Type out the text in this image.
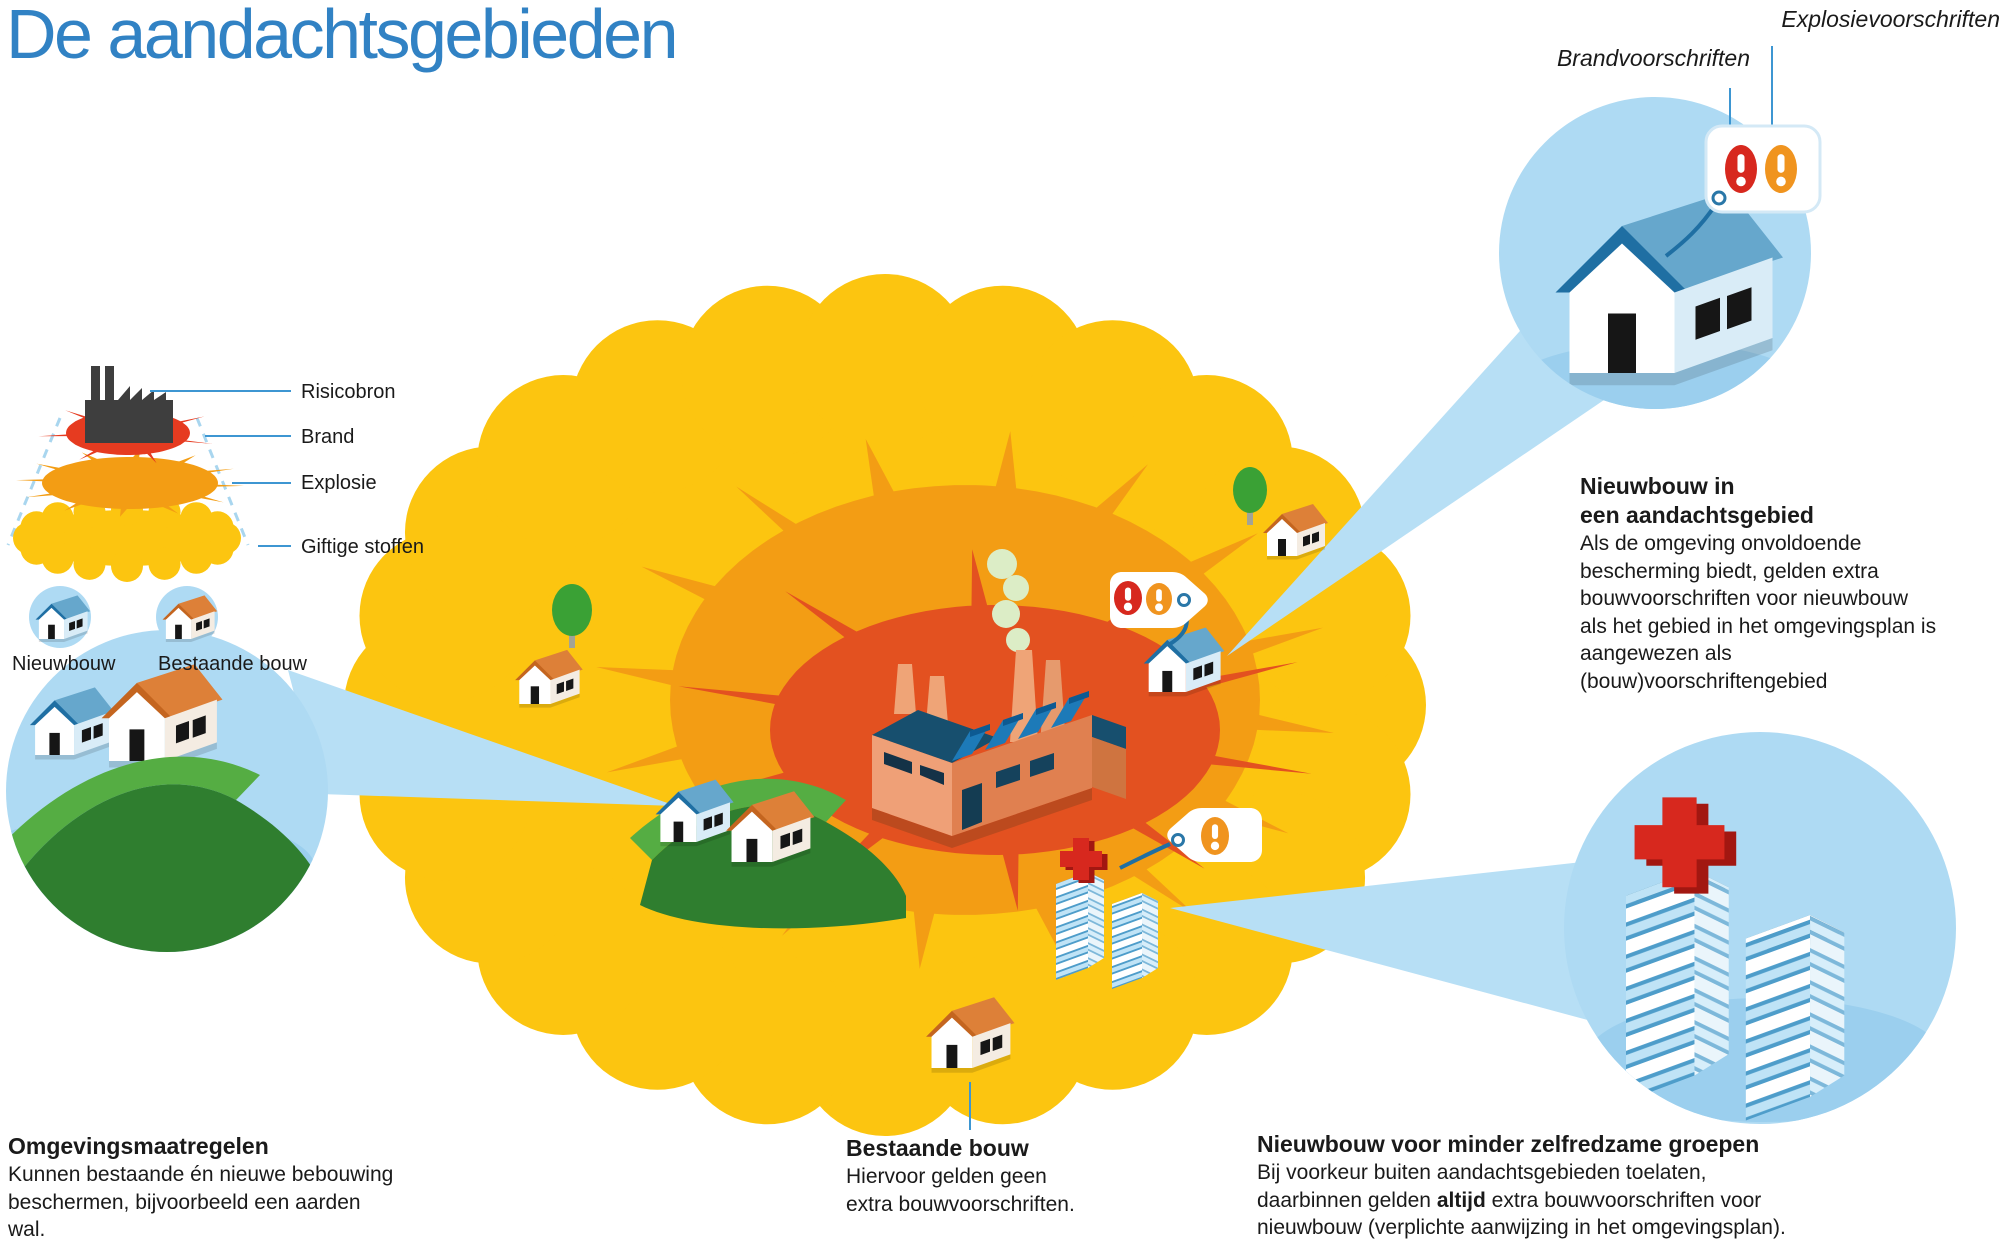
De aandachtsgebieden	Explosievoorschriften
Brandvoorschriften
Risicobron
Brand
Explosie
Giftige stoffen
Nieuwbouw Bestaande bouw
Nieuwbouw in
een aandachtsgebied
Als de omgeving onvoldoende
bescherming biedt, gelden extra
bouwvoorschriften voor nieuwbouw
als het gebied in het omgevingsplan is
aangewezen als
(bouw)voorschriftengebied
Omgevingsmaatregelen
Kunnen bestaande én nieuwe bebouwing
beschermen, bijvoorbeeld een aarden
wal.
Bestaande bouw
Hiervoor gelden geen
extra bouwvoorschriften.
Nieuwbouw voor minder zelfredzame groepen
Bij voorkeur buiten aandachtsgebieden toelaten,
daarbinnen gelden altijd extra bouwvoorschriften voor
nieuwbouw (verplichte aanwijzing in het omgevingsplan).
